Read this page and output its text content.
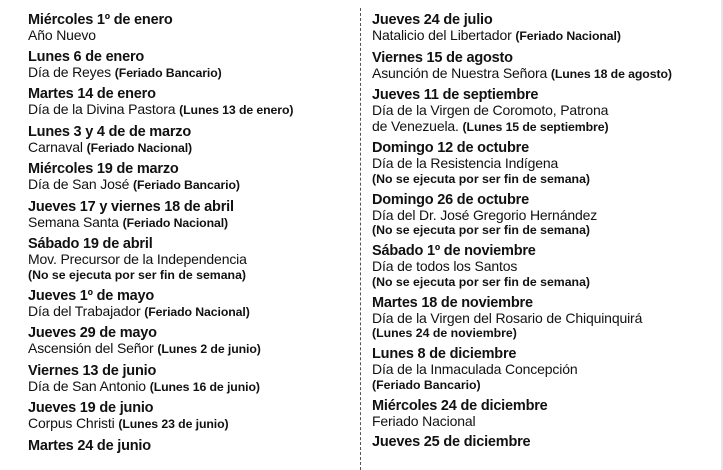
Miércoles 1º de enero
Año Nuevo
Lunes 6 de enero
Día de Reyes (Feriado Bancario)
Martes 14 de enero
Día de la Divina Pastora (Lunes 13 de enero)
Lunes 3 y 4 de de marzo
Carnaval (Feriado Nacional)
Miércoles 19 de marzo
Día de San José (Feriado Bancario)
Jueves 17 y viernes 18 de abril
Semana Santa (Feriado Nacional)
Sábado 19 de abril
Mov. Precursor de la Independencia
(No se ejecuta por ser fin de semana)
Jueves 1º de mayo
Día del Trabajador (Feriado Nacional)
Jueves 29 de mayo
Ascensión del Señor (Lunes 2 de junio)
Viernes 13 de junio
Día de San Antonio (Lunes 16 de junio)
Jueves 19 de junio
Corpus Christi (Lunes 23 de junio)
Martes 24 de junio
Jueves 24 de julio
Natalicio del Libertador (Feriado Nacional)
Viernes 15 de agosto
Asunción de Nuestra Señora (Lunes 18 de agosto)
Jueves 11 de septiembre
Día de la Virgen de Coromoto, Patrona
de Venezuela. (Lunes 15 de septiembre)
Domingo 12 de octubre
Día de la Resistencia Indígena
(No se ejecuta por ser fin de semana)
Domingo 26 de octubre
Día del Dr. José Gregorio Hernández
(No se ejecuta por ser fin de semana)
Sábado 1º de noviembre
Día de todos los Santos
(No se ejecuta por ser fin de semana)
Martes 18 de noviembre
Día de la Virgen del Rosario de Chiquinquirá
(Lunes 24 de noviembre)
Lunes 8 de diciembre
Día de la Inmaculada Concepción
(Feriado Bancario)
Miércoles 24 de diciembre
Feriado Nacional
Jueves 25 de diciembre
